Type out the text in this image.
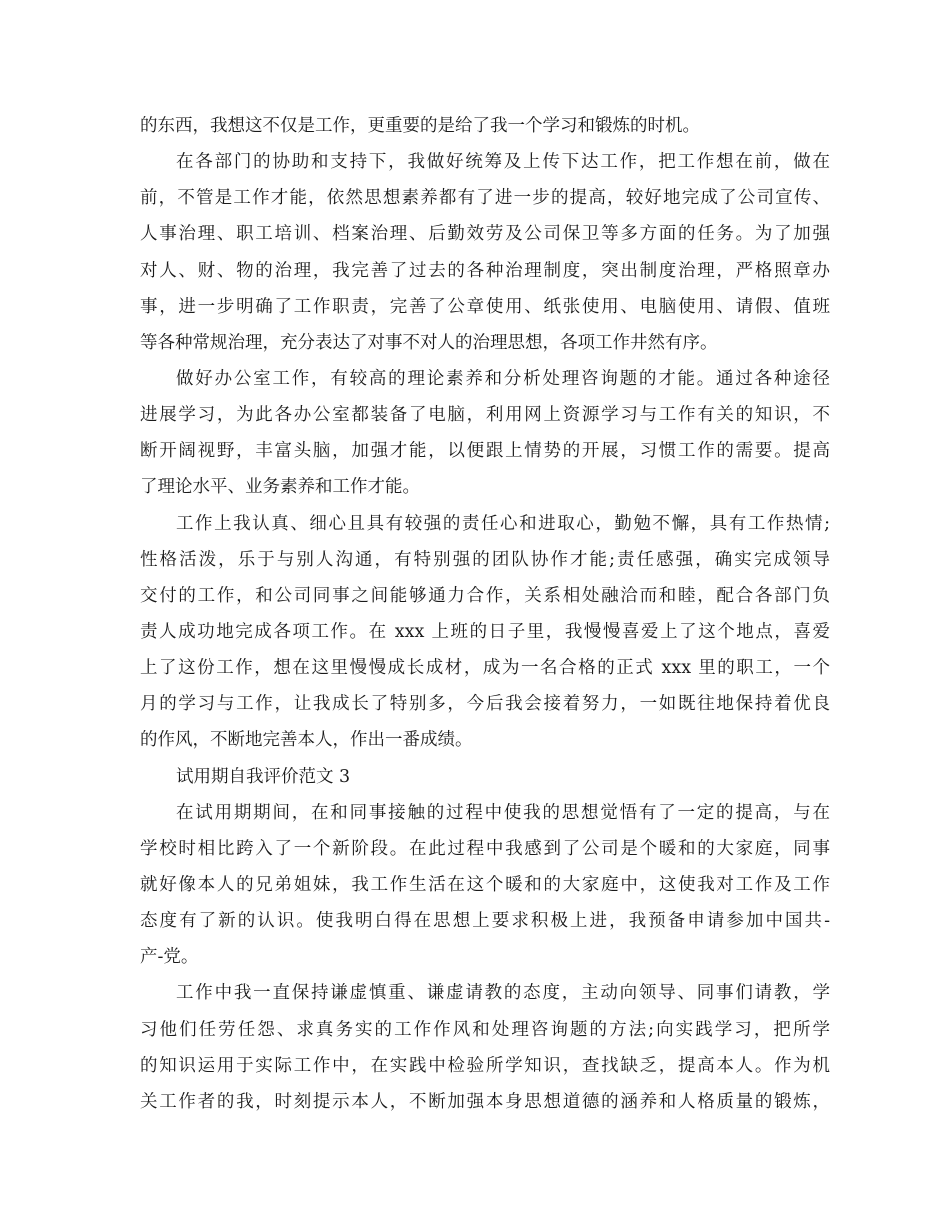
的东西，我想这不仅是工作，更重要的是给了我一个学习和锻炼的时机。
在各部门的协助和支持下，我做好统筹及上传下达工作，把工作想在前，做在
前，不管是工作才能，依然思想素养都有了进一步的提高，较好地完成了公司宣传、
人事治理、职工培训、档案治理、后勤效劳及公司保卫等多方面的任务。为了加强
对人、财、物的治理，我完善了过去的各种治理制度，突出制度治理，严格照章办
事，进一步明确了工作职责，完善了公章使用、纸张使用、电脑使用、请假、值班
等各种常规治理，充分表达了对事不对人的治理思想，各项工作井然有序。
做好办公室工作，有较高的理论素养和分析处理咨询题的才能。通过各种途径
进展学习，为此各办公室都装备了电脑，利用网上资源学习与工作有关的知识，不
断开阔视野，丰富头脑，加强才能，以便跟上情势的开展，习惯工作的需要。提高
了理论水平、业务素养和工作才能。
工作上我认真、细心且具有较强的责任心和进取心，勤勉不懈，具有工作热情;
性格活泼，乐于与别人沟通，有特别强的团队协作才能;责任感强，确实完成领导
交付的工作，和公司同事之间能够通力合作，关系相处融洽而和睦，配合各部门负
责人成功地完成各项工作。在 xxx 上班的日子里，我慢慢喜爱上了这个地点，喜爱
上了这份工作，想在这里慢慢成长成材，成为一名合格的正式 xxx 里的职工，一个
月的学习与工作，让我成长了特别多，今后我会接着努力，一如既往地保持着优良
的作风，不断地完善本人，作出一番成绩。
试用期自我评价范文 3
在试用期期间，在和同事接触的过程中使我的思想觉悟有了一定的提高，与在
学校时相比跨入了一个新阶段。在此过程中我感到了公司是个暖和的大家庭，同事
就好像本人的兄弟姐妹，我工作生活在这个暖和的大家庭中，这使我对工作及工作
态度有了新的认识。使我明白得在思想上要求积极上进，我预备申请参加中国共-
产-党。
工作中我一直保持谦虚慎重、谦虚请教的态度，主动向领导、同事们请教，学
习他们任劳任怨、求真务实的工作作风和处理咨询题的方法;向实践学习，把所学
的知识运用于实际工作中，在实践中检验所学知识，查找缺乏，提高本人。作为机
关工作者的我，时刻提示本人，不断加强本身思想道德的涵养和人格质量的锻炼，
